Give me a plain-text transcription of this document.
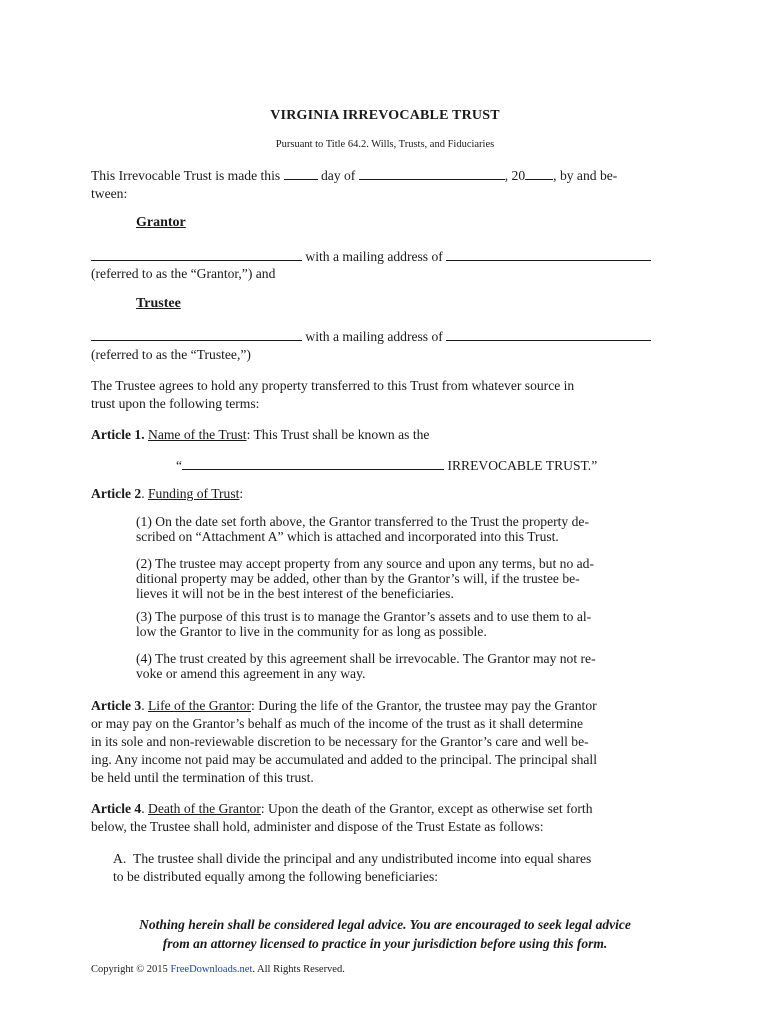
VIRGINIA IRREVOCABLE TRUST
Pursuant to Title 64.2. Wills, Trusts, and Fiduciaries
This Irrevocable Trust is made this	day of	, 20 , by and be-
tween:
Grantor
with a mailing address of
(referred to as the “Grantor,”) and
Trustee
with a mailing address of
(referred to as the “Trustee,”)
The Trustee agrees to hold any property transferred to this Trust from whatever source in
trust upon the following terms:
Article 1. Name of the Trust: This Trust shall be known as the
“	IRREVOCABLE TRUST.”
Article 2. Funding of Trust:
(1) On the date set forth above, the Grantor transferred to the Trust the property de-
scribed on “Attachment A” which is attached and incorporated into this Trust.
(2) The trustee may accept property from any source and upon any terms, but no ad-
ditional property may be added, other than by the Grantor’s will, if the trustee be-
lieves it will not be in the best interest of the beneficiaries.
(3) The purpose of this trust is to manage the Grantor’s assets and to use them to al-
low the Grantor to live in the community for as long as possible.
(4) The trust created by this agreement shall be irrevocable. The Grantor may not re-
voke or amend this agreement in any way.
Article 3. Life of the Grantor: During the life of the Grantor, the trustee may pay the Grantor
or may pay on the Grantor’s behalf as much of the income of the trust as it shall determine
in its sole and non-reviewable discretion to be necessary for the Grantor’s care and well be-
ing. Any income not paid may be accumulated and added to the principal. The principal shall
be held until the termination of this trust.
Article 4. Death of the Grantor: Upon the death of the Grantor, except as otherwise set forth
below, the Trustee shall hold, administer and dispose of the Trust Estate as follows:
A. The trustee shall divide the principal and any undistributed income into equal shares
to be distributed equally among the following beneficiaries:
Nothing herein shall be considered legal advice. You are encouraged to seek legal advice
from an attorney licensed to practice in your jurisdiction before using this form.
Copyright © 2015 FreeDownloads.net. All Rights Reserved.
